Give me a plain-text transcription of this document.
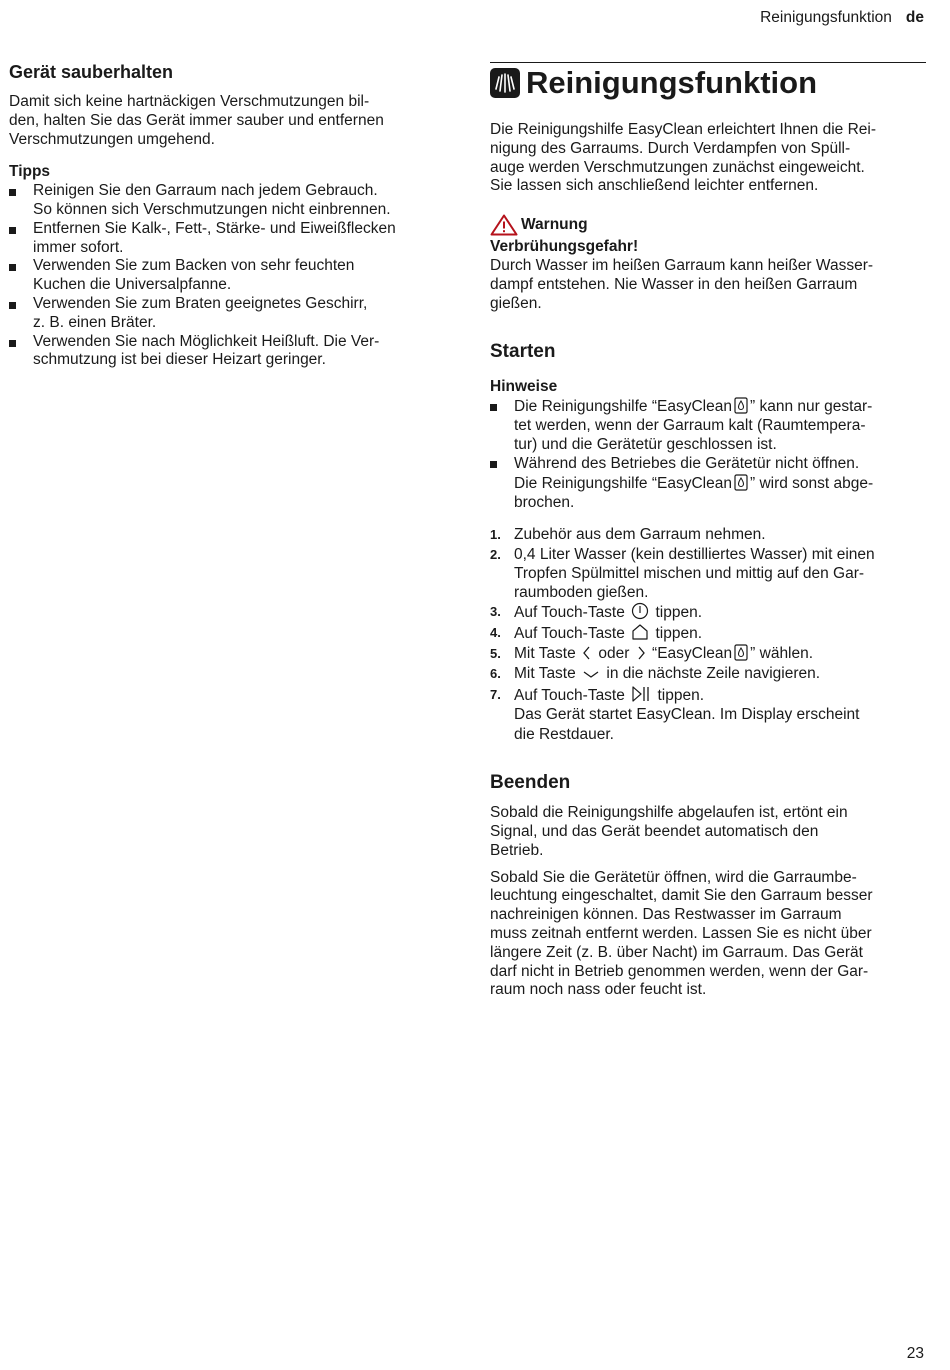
Reinigungsfunktion de
Gerät sauberhalten

Damit sich keine hartnäckigen Verschmutzungen bil-
den, halten Sie das Gerät immer sauber und entfernen
Verschmutzungen umgehend.

Tipps
Reinigen Sie den Garraum nach jedem Gebrauch.
So können sich Verschmutzungen nicht einbrennen.
Entfernen Sie Kalk-, Fett-, Stärke- und Eiweißflecken
immer sofort.
Verwenden Sie zum Backen von sehr feuchten
Kuchen die Universalpfanne.
Verwenden Sie zum Braten geeignetes Geschirr,
z. B. einen Bräter.
Verwenden Sie nach Möglichkeit Heißluft. Die Ver-
schmutzung ist bei dieser Heizart geringer.
Reinigungsfunktion

Die Reinigungshilfe EasyClean erleichtert Ihnen die Rei-
nigung des Garraums. Durch Verdampfen von Spüll-
auge werden Verschmutzungen zunächst eingeweicht.
Sie lassen sich anschließend leichter entfernen.

Warnung
Verbrühungsgefahr!

Durch Wasser im heißen Garraum kann heißer Wasser-
dampf entstehen. Nie Wasser in den heißen Garraum
gießen.

Starten
Hinweise
Die Reinigungshilfe “EasyClean ” kann nur gestar-
tet werden, wenn der Garraum kalt (Raumtempera-
tur) und die Gerätetür geschlossen ist.
Während des Betriebes die Gerätetür nicht öffnen.
Die Reinigungshilfe “EasyClean ” wird sonst abge-
brochen.
1. Zubehör aus dem Garraum nehmen.
2. 0,4 Liter Wasser (kein destilliertes Wasser) mit einen
Tropfen Spülmittel mischen und mittig auf den Gar-
raumboden gießen.
3. Auf Touch-Taste tippen.
4. Auf Touch-Taste tippen.
5. Mit Taste oder “EasyClean ” wählen.
6. Mit Taste in die nächste Zeile navigieren.
7. Auf Touch-Taste tippen.
Das Gerät startet EasyClean. Im Display erscheint
die Restdauer.
Beenden

Sobald die Reinigungshilfe abgelaufen ist, ertönt ein
Signal, und das Gerät beendet automatisch den
Betrieb.

Sobald Sie die Gerätetür öffnen, wird die Garraumbe-
leuchtung eingeschaltet, damit Sie den Garraum besser
nachreinigen können. Das Restwasser im Garraum
muss zeitnah entfernt werden. Lassen Sie es nicht über
längere Zeit (z. B. über Nacht) im Garraum. Das Gerät
darf nicht in Betrieb genommen werden, wenn der Gar-
raum noch nass oder feucht ist.

23
